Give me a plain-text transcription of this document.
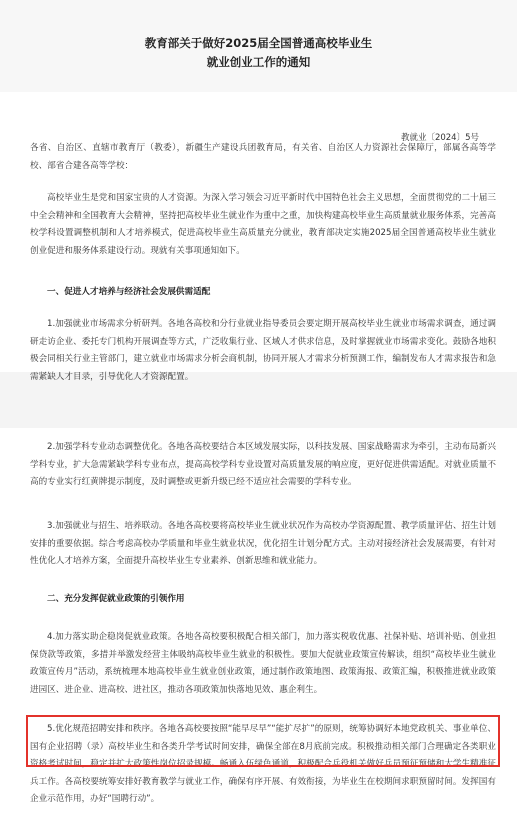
教育部关于做好2025届全国普通高校毕业生
就业创业工作的通知
教就业〔2024〕5号
各省、自治区、直辖市教育厅（教委），新疆生产建设兵团教育局，有关省、自治区人力资源社会保障厅，部属各高等学校、部省合建各高等学校：
高校毕业生是党和国家宝贵的人才资源。为深入学习领会习近平新时代中国特色社会主义思想，全面贯彻党的二十届三中全会精神和全国教育大会精神，坚持把高校毕业生就业作为重中之重，加快构建高校毕业生高质量就业服务体系，完善高校学科设置调整机制和人才培养模式，促进高校毕业生高质量充分就业，教育部决定实施2025届全国普通高校毕业生就业创业促进和服务体系建设行动。现就有关事项通知如下。
一、促进人才培养与经济社会发展供需适配
1.加强就业市场需求分析研判。各地各高校和分行业就业指导委员会要定期开展高校毕业生就业市场需求调查，通过调研走访企业、委托专门机构开展调查等方式，广泛收集行业、区域人才供求信息，及时掌握就业市场需求变化。鼓励各地积极会同相关行业主管部门，建立就业市场需求分析会商机制，协同开展人才需求分析预测工作，编制发布人才需求报告和急需紧缺人才目录，引导优化人才资源配置。
2.加强学科专业动态调整优化。各地各高校要结合本区域发展实际，以科技发展、国家战略需求为牵引，主动布局新兴学科专业，扩大急需紧缺学科专业布点，提高高校学科专业设置对高质量发展的响应度，更好促进供需适配。对就业质量不高的专业实行红黄牌提示制度，及时调整或更新升级已经不适应社会需要的学科专业。
3.加强就业与招生、培养联动。各地各高校要将高校毕业生就业状况作为高校办学资源配置、教学质量评估、招生计划安排的重要依据。综合考虑高校办学质量和毕业生就业状况，优化招生计划分配方式。主动对接经济社会发展需要，有针对性优化人才培养方案，全面提升高校毕业生专业素养、创新思维和就业能力。
二、充分发挥促就业政策的引领作用
4.加力落实助企稳岗促就业政策。各地各高校要积极配合相关部门，加力落实税收优惠、社保补贴、培训补贴、创业担保贷款等政策，多措并举激发经营主体吸纳高校毕业生就业的积极性。要加大促就业政策宣传解读，组织“高校毕业生就业政策宣传月”活动，系统梳理本地高校毕业生就业创业政策，通过制作政策地图、政策海报、政策汇编，积极推进就业政策进园区、进企业、进高校、进社区，推动各项政策加快落地见效、惠企利生。
5.优化规范招聘安排和秩序。各地各高校要按照“能早尽早”“能扩尽扩”的原则，统筹协调好本地党政机关、事业单位、国有企业招聘（录）高校毕业生和各类升学考试时间安排，确保全部在8月底前完成。积极推动相关部门合理确定各类职业资格考试时间，稳定并扩大政策性岗位招录规模。畅通入伍绿色通道，积极配合兵役机关做好兵员预征预储和大学生精准征兵工作。各高校要统筹安排好教育教学与就业工作，确保有序开展、有效衔接，为毕业生在校期间求职预留时间。发挥国有企业示范作用，办好“国聘行动”。
